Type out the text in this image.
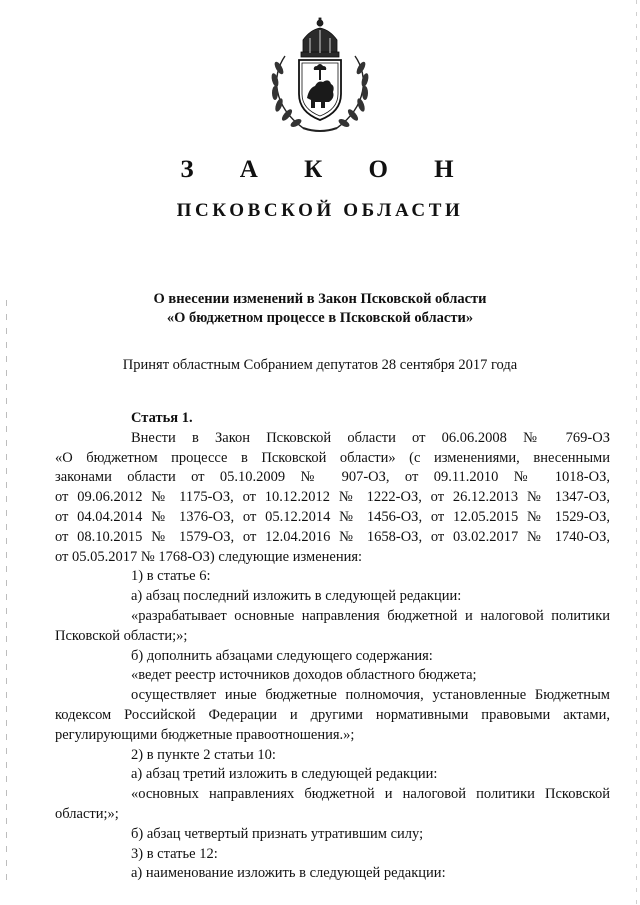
З А К О Н
ПСКОВСКОЙ ОБЛАСТИ
О внесении изменений в Закон Псковской области
«О бюджетном процессе в Псковской области»

Принят областным Собранием депутатов 28 сентября 2017 года

Статья 1.
Внести в Закон Псковской области от 06.06.2008 № 769-ОЗ
«О бюджетном процессе в Псковской области» (с изменениями, внесенными
законами области от 05.10.2009 № 907-ОЗ, от 09.11.2010 № 1018-ОЗ,
от 09.06.2012 № 1175-ОЗ, от 10.12.2012 № 1222-ОЗ, от 26.12.2013 № 1347-ОЗ,
от 04.04.2014 № 1376-ОЗ, от 05.12.2014 № 1456-ОЗ, от 12.05.2015 № 1529-ОЗ,
от 08.10.2015 № 1579-ОЗ, от 12.04.2016 № 1658-ОЗ, от 03.02.2017 № 1740-ОЗ,
от 05.05.2017 № 1768-ОЗ) следующие изменения:
1) в статье 6:
а) абзац последний изложить в следующей редакции:
«разрабатывает основные направления бюджетной и налоговой политики
Псковской области;»;
б) дополнить абзацами следующего содержания:
«ведет реестр источников доходов областного бюджета;
осуществляет иные бюджетные полномочия, установленные Бюджетным
кодексом Российской Федерации и другими нормативными правовыми актами,
регулирующими бюджетные правоотношения.»;
2) в пункте 2 статьи 10:
а) абзац третий изложить в следующей редакции:
«основных направлениях бюджетной и налоговой политики Псковской
области;»;
б) абзац четвертый признать утратившим силу;
3) в статье 12:
а) наименование изложить в следующей редакции:
